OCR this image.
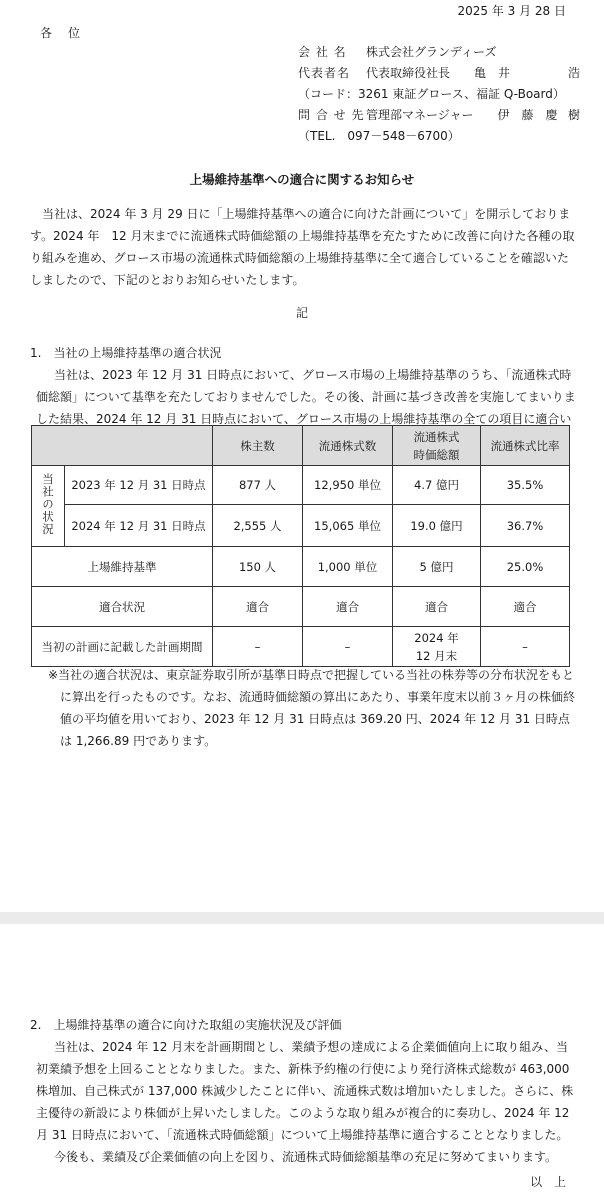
2025 年 3 月 28 日
各　位
会 社 名 株式会社グランディーズ
代表者名 代表取締役社長　　亀　井	浩
（コード：3261 東証グロース、福証 Q-Board）
問 合 せ 先 管理部マネージャー　　伊　藤　慶 樹
（TEL.　097－548－6700）
上場維持基準への適合に関するお知らせ

当社は、2024 年 3 月 29 日に「上場維持基準への適合に向けた計画について」を開示しております。2024 年　12 月末までに流通株式時価総額の上場維持基準を充たすために改善に向けた各種の取り組みを進め、グロース市場の流通株式時価総額の上場維持基準に全て適合していることを確認いたしましたので、下記のとおりお知らせいたします。

記
1.　当社の上場維持基準の適合状況

当社は、2023 年 12 月 31 日時点において、グロース市場の上場維持基準のうち、「流通株式時価総額」について基準を充たしておりませんでした。その後、計画に基づき改善を実施してまいりました結果、2024 年 12 月 31 日時点において、グロース市場の上場維持基準の全ての項目に適合い

		株主数	流通株式数	流通株式
時価総額	流通株式比率
当社の状況	2023 年 12 月 31 日時点	877 人	12,950 単位	4.7 億円	35.5%
	2024 年 12 月 31 日時点	2,555 人	15,065 単位	19.0 億円	36.7%
上場維持基準		150 人	1,000 単位	5 億円	25.0%
適合状況		適合	適合	適合	適合
当初の計画に記載した計画期間		–	–	2024 年
12 月末	–
※当社の適合状況は、東京証券取引所が基準日時点で把握している当社の株券等の分布状況をもとに算出を行ったものです。なお、流通時価総額の算出にあたり、事業年度末以前３ヶ月の株価終値の平均値を用いており、2023 年 12 月 31 日時点は 369.20 円、2024 年 12 月 31 日時点は 1,266.89 円であります。
2.　上場維持基準の適合に向けた取組の実施状況及び評価

当社は、2024 年 12 月末を計画期間とし、業績予想の達成による企業価値向上に取り組み、当初業績予想を上回ることとなりました。また、新株予約権の行使により発行済株式総数が 463,000 株増加、自己株式が 137,000 株減少したことに伴い、流通株式数は増加いたしました。さらに、株主優待の新設により株価が上昇いたしました。このような取り組みが複合的に奏功し、2024 年 12 月 31 日時点において、「流通株式時価総額」について上場維持基準に適合することとなりました。

今後も、業績及び企業価値の向上を図り、流通株式時価総額基準の充足に努めてまいります。

以 上
